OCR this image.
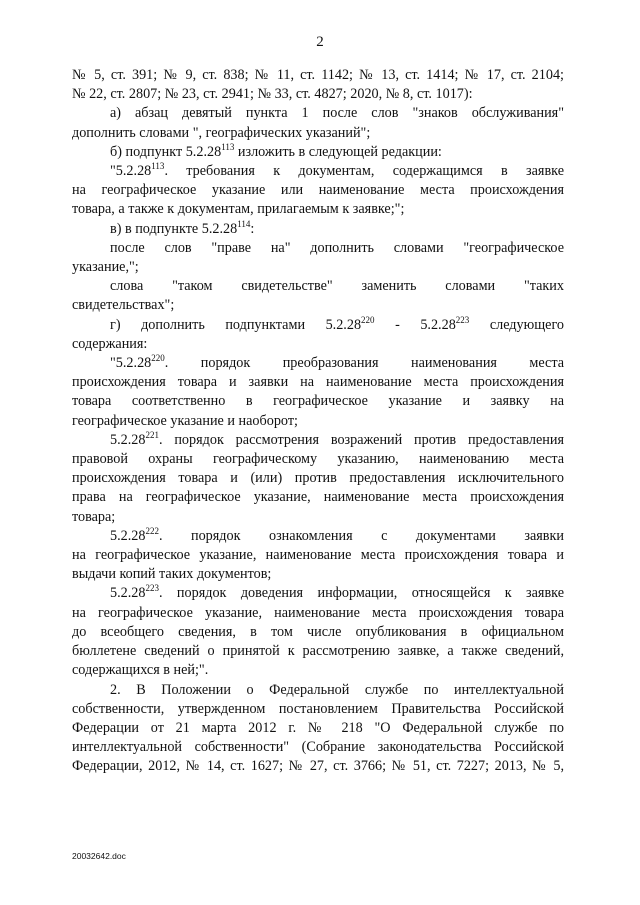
2
№ 5, ст. 391; № 9, ст. 838; № 11, ст. 1142; № 13, ст. 1414; № 17, ст. 2104;
№ 22, ст. 2807; № 23, ст. 2941; № 33, ст. 4827; 2020, № 8, ст. 1017):
а) абзац девятый пункта 1 после слов "знаков обслуживания"
дополнить словами ", географических указаний";
б) подпункт 5.2.28$^{113}$ изложить в следующей редакции:
"5.2.28$^{113}$. требования к документам, содержащимся в заявке
на географическое указание или наименование места происхождения
товара, а также к документам, прилагаемым к заявке;";
в) в подпункте 5.2.28$^{114}$:
после слов "праве на" дополнить словами "географическое
указание,";
слова "таком свидетельстве" заменить словами "таких
свидетельствах";
г) дополнить подпунктами 5.2.28$^{220}$ - 5.2.28$^{223}$ следующего
содержания:
"5.2.28$^{220}$. порядок преобразования наименования места
происхождения товара и заявки на наименование места происхождения
товара соответственно в географическое указание и заявку на
географическое указание и наоборот;
5.2.28$^{221}$. порядок рассмотрения возражений против предоставления
правовой охраны географическому указанию, наименованию места
происхождения товара и (или) против предоставления исключительного
права на географическое указание, наименование места происхождения
товара;
5.2.28$^{222}$. порядок ознакомления с документами заявки
на географическое указание, наименование места происхождения товара и
выдачи копий таких документов;
5.2.28$^{223}$. порядок доведения информации, относящейся к заявке
на географическое указание, наименование места происхождения товара
до всеобщего сведения, в том числе опубликования в официальном
бюллетене сведений о принятой к рассмотрению заявке, а также сведений,
содержащихся в ней;".
2. В Положении о Федеральной службе по интеллектуальной
собственности, утвержденном постановлением Правительства Российской
Федерации от 21 марта 2012 г. № 218 "О Федеральной службе по
интеллектуальной собственности" (Собрание законодательства Российской
Федерации, 2012, № 14, ст. 1627; № 27, ст. 3766; № 51, ст. 7227; 2013, № 5,
20032642.doc
